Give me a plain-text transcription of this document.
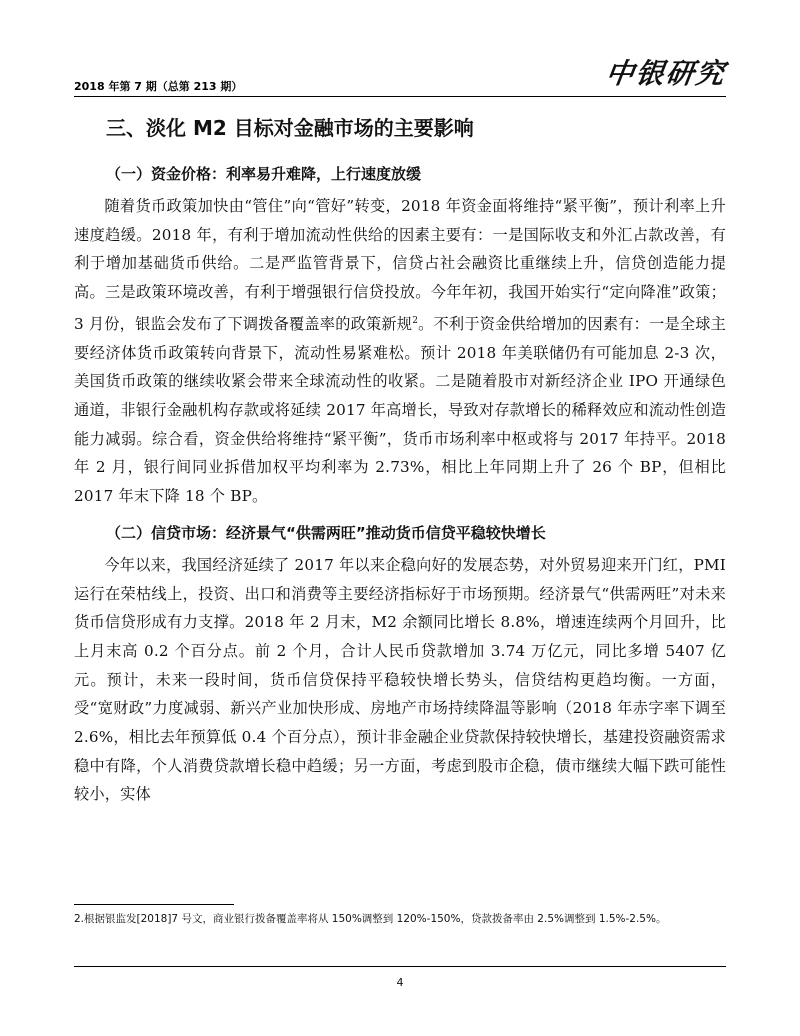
2018 年第 7 期（总第 213 期）	中银研究
三、淡化 M2 目标对金融市场的主要影响
（一）资金价格：利率易升难降，上行速度放缓

随着货币政策加快由“管住”向“管好”转变，2018 年资金面将维持“紧平衡”，预计利率上升速度趋缓。2018 年，有利于增加流动性供给的因素主要有：一是国际收支和外汇占款改善，有利于增加基础货币供给。二是严监管背景下，信贷占社会融资比重继续上升，信贷创造能力提高。三是政策环境改善，有利于增强银行信贷投放。今年年初，我国开始实行“定向降准”政策；3 月份，银监会发布了下调拨备覆盖率的政策新规$^2$。不利于资金供给增加的因素有：一是全球主要经济体货币政策转向背景下，流动性易紧难松。预计 2018 年美联储仍有可能加息 2-3 次，美国货币政策的继续收紧会带来全球流动性的收紧。二是随着股市对新经济企业 IPO 开通绿色通道，非银行金融机构存款或将延续 2017 年高增长，导致对存款增长的稀释效应和流动性创造能力减弱。综合看，资金供给将维持“紧平衡”，货币市场利率中枢或将与 2017 年持平。2018 年 2 月，银行间同业拆借加权平均利率为 2.73%，相比上年同期上升了 26 个 BP，但相比 2017 年末下降 18 个 BP。

（二）信贷市场：经济景气“供需两旺”推动货币信贷平稳较快增长

今年以来，我国经济延续了 2017 年以来企稳向好的发展态势，对外贸易迎来开门红，PMI 运行在荣枯线上，投资、出口和消费等主要经济指标好于市场预期。经济景气“供需两旺”对未来货币信贷形成有力支撑。2018 年 2 月末，M2 余额同比增长 8.8%，增速连续两个月回升，比上月末高 0.2 个百分点。前 2 个月，合计人民币贷款增加 3.74 万亿元，同比多增 5407 亿元。预计，未来一段时间，货币信贷保持平稳较快增长势头，信贷结构更趋均衡。一方面，受“宽财政”力度减弱、新兴产业加快形成、房地产市场持续降温等影响（2018 年赤字率下调至 2.6%，相比去年预算低 0.4 个百分点），预计非金融企业贷款保持较快增长，基建投资融资需求稳中有降，个人消费贷款增长稳中趋缓；另一方面，考虑到股市企稳，债市继续大幅下跌可能性较小，实体

2.根据银监发[2018]7 号文，商业银行拨备覆盖率将从 150%调整到 120%-150%，贷款拨备率由 2.5%调整到 1.5%-2.5%。
4
